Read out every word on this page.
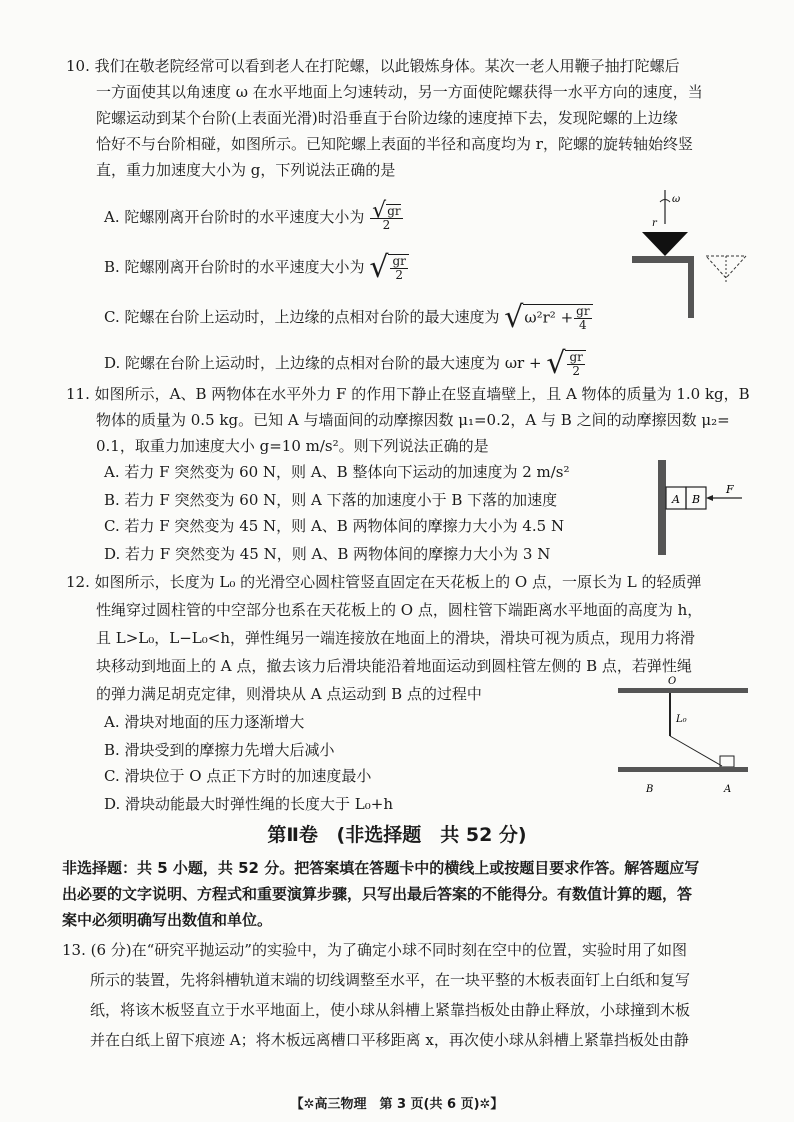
10. 我们在敬老院经常可以看到老人在打陀螺，以此锻炼身体。某次一老人用鞭子抽打陀螺后
一方面使其以角速度 ω 在水平地面上匀速转动，另一方面使陀螺获得一水平方向的速度，当
陀螺运动到某个台阶(上表面光滑)时沿垂直于台阶边缘的速度掉下去，发现陀螺的上边缘
恰好不与台阶相碰，如图所示。已知陀螺上表面的半径和高度均为 r，陀螺的旋转轴始终竖
直，重力加速度大小为 g，下列说法正确的是
A. 陀螺刚离开台阶时的水平速度大小为 $\frac{√gr}{2}$
B. 陀螺刚离开台阶时的水平速度大小为 √ $\frac{gr}{2}$
C. 陀螺在台阶上运动时，上边缘的点相对台阶的最大速度为 $√\omega^2r^2 + \frac{gr}{4}$
D. 陀螺在台阶上运动时，上边缘的点相对台阶的最大速度为 ωr + √ $\frac{gr}{2}$
ω
r
11. 如图所示，A、B 两物体在水平外力 F 的作用下静止在竖直墙壁上，且 A 物体的质量为 1.0 kg，B
物体的质量为 0.5 kg。已知 A 与墙面间的动摩擦因数 μ₁=0.2，A 与 B 之间的动摩擦因数 μ₂=
0.1，取重力加速度大小 g=10 m/s²。则下列说法正确的是
A. 若力 F 突然变为 60 N，则 A、B 整体向下运动的加速度为 2 m/s²
B. 若力 F 突然变为 60 N，则 A 下落的加速度小于 B 下落的加速度
C. 若力 F 突然变为 45 N，则 A、B 两物体间的摩擦力大小为 4.5 N
D. 若力 F 突然变为 45 N，则 A、B 两物体间的摩擦力大小为 3 N
A B
F
12. 如图所示，长度为 L₀ 的光滑空心圆柱管竖直固定在天花板上的 O 点，一原长为 L 的轻质弹
性绳穿过圆柱管的中空部分也系在天花板上的 O 点，圆柱管下端距离水平地面的高度为 h，
且 L>L₀，L−L₀<h，弹性绳另一端连接放在地面上的滑块，滑块可视为质点，现用力将滑
块移动到地面上的 A 点，撤去该力后滑块能沿着地面运动到圆柱管左侧的 B 点，若弹性绳
的弹力满足胡克定律，则滑块从 A 点运动到 B 点的过程中
A. 滑块对地面的压力逐渐增大
B. 滑块受到的摩擦力先增大后减小
C. 滑块位于 O 点正下方时的加速度最小
D. 滑块动能最大时弹性绳的长度大于 L₀+h
O
L₀
B	A
第Ⅱ卷 (非选择题　共 52 分)
非选择题：共 5 小题，共 52 分。把答案填在答题卡中的横线上或按题目要求作答。解答题应写
出必要的文字说明、方程式和重要演算步骤，只写出最后答案的不能得分。有数值计算的题，答
案中必须明确写出数值和单位。
13. (6 分)在“研究平抛运动”的实验中，为了确定小球不同时刻在空中的位置，实验时用了如图
所示的装置，先将斜槽轨道末端的切线调整至水平，在一块平整的木板表面钉上白纸和复写
纸，将该木板竖直立于水平地面上，使小球从斜槽上紧靠挡板处由静止释放，小球撞到木板
并在白纸上留下痕迹 A；将木板远离槽口平移距离 x，再次使小球从斜槽上紧靠挡板处由静
【✲高三物理　第 3 页(共 6 页)✲】
